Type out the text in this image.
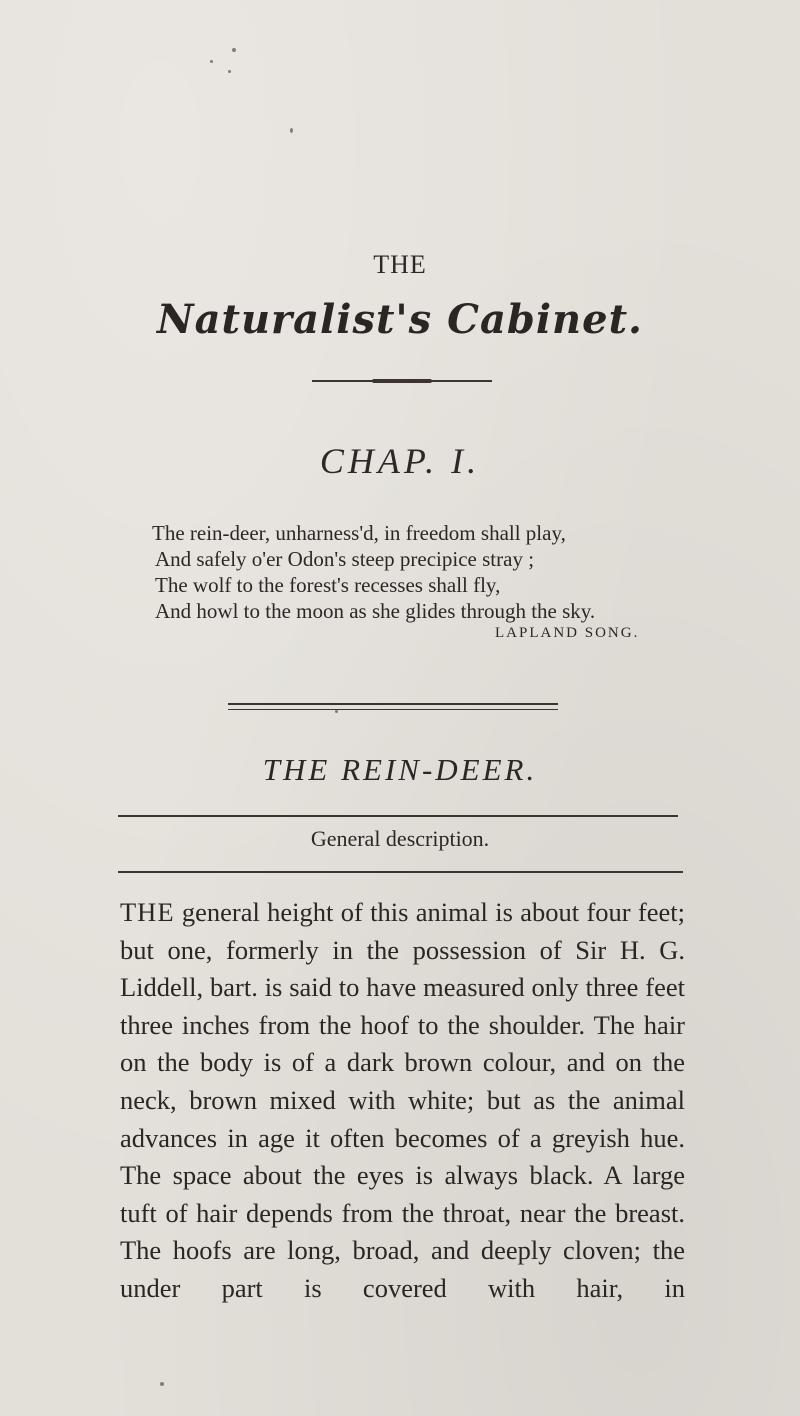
THE
Naturalist's Cabinet.
CHAP. I.
The rein-deer, unharness'd, in freedom shall play,
And safely o'er Odon's steep precipice stray ;
The wolf to the forest's recesses shall fly,
And howl to the moon as she glides through the sky.
LAPLAND SONG.
THE REIN-DEER.
General description.
THE general height of this animal is about four feet; but one, formerly in the possession of Sir H. G. Liddell, bart. is said to have measured only three feet three inches from the hoof to the shoulder. The hair on the body is of a dark brown colour, and on the neck, brown mixed with white; but as the animal advances in age it often becomes of a greyish hue. The space about the eyes is always black. A large tuft of hair depends from the throat, near the breast. The hoofs are long, broad, and deeply cloven; the under part is covered with hair, in
